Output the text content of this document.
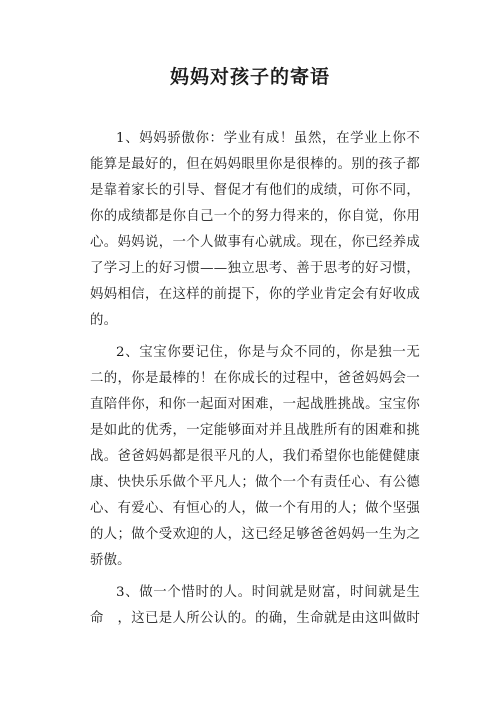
妈妈对孩子的寄语
1、妈妈骄傲你：学业有成！虽然，在学业上你不
能算是最好的，但在妈妈眼里你是很棒的。别的孩子都
是靠着家长的引导、督促才有他们的成绩，可你不同，
你的成绩都是你自己一个的努力得来的，你自觉，你用
心。妈妈说，一个人做事有心就成。现在，你已经养成
了学习上的好习惯——独立思考、善于思考的好习惯，
妈妈相信，在这样的前提下，你的学业肯定会有好收成
的。
2、宝宝你要记住，你是与众不同的，你是独一无
二的，你是最棒的！在你成长的过程中，爸爸妈妈会一
直陪伴你，和你一起面对困难，一起战胜挑战。宝宝你
是如此的优秀，一定能够面对并且战胜所有的困难和挑
战。爸爸妈妈都是很平凡的人，我们希望你也能健健康
康、快快乐乐做个平凡人；做个一个有责任心、有公德
心、有爱心、有恒心的人，做一个有用的人；做个坚强
的人；做个受欢迎的人，这已经足够爸爸妈妈一生为之
骄傲。
3、做一个惜时的人。时间就是财富，时间就是生
命　，这已是人所公认的。的确，生命就是由这叫做时
